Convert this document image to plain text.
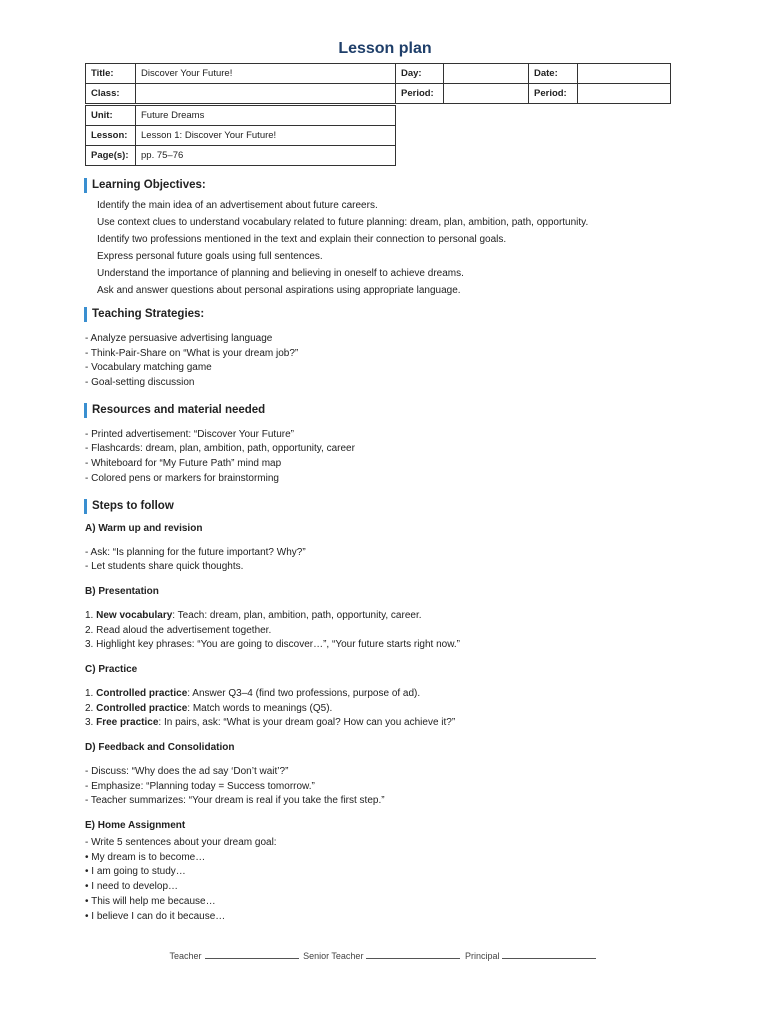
Lesson plan
Title:	Discover Your Future!	Day:		Date:	
Class:		Period:		Period:	
Unit:	Future Dreams
Lesson:	Lesson 1: Discover Your Future!
Page(s):	pp. 75–76
Learning Objectives:
Identify the main idea of an advertisement about future careers.
Use context clues to understand vocabulary related to future planning: dream, plan, ambition, path, opportunity.
Identify two professions mentioned in the text and explain their connection to personal goals.
Express personal future goals using full sentences.
Understand the importance of planning and believing in oneself to achieve dreams.
Ask and answer questions about personal aspirations using appropriate language.
Teaching Strategies:
- Analyze persuasive advertising language
- Think-Pair-Share on “What is your dream job?”
- Vocabulary matching game
- Goal-setting discussion
Resources and material needed
- Printed advertisement: “Discover Your Future”
- Flashcards: dream, plan, ambition, path, opportunity, career
- Whiteboard for “My Future Path” mind map
- Colored pens or markers for brainstorming
Steps to follow
A) Warm up and revision
- Ask: “Is planning for the future important? Why?”
- Let students share quick thoughts.
B) Presentation
1. New vocabulary: Teach: dream, plan, ambition, path, opportunity, career.
2. Read aloud the advertisement together.
3. Highlight key phrases: “You are going to discover…”, “Your future starts right now.”
C) Practice
1. Controlled practice: Answer Q3–4 (find two professions, purpose of ad).
2. Controlled practice: Match words to meanings (Q5).
3. Free practice: In pairs, ask: “What is your dream goal? How can you achieve it?”
D) Feedback and Consolidation
- Discuss: “Why does the ad say ‘Don’t wait’?”
- Emphasize: “Planning today = Success tomorrow.”
- Teacher summarizes: “Your dream is real if you take the first step.”
E) Home Assignment
- Write 5 sentences about your dream goal:
• My dream is to become…
• I am going to study…
• I need to develop…
• This will help me because…
• I believe I can do it because…
Teacher	Senior Teacher	Principal
